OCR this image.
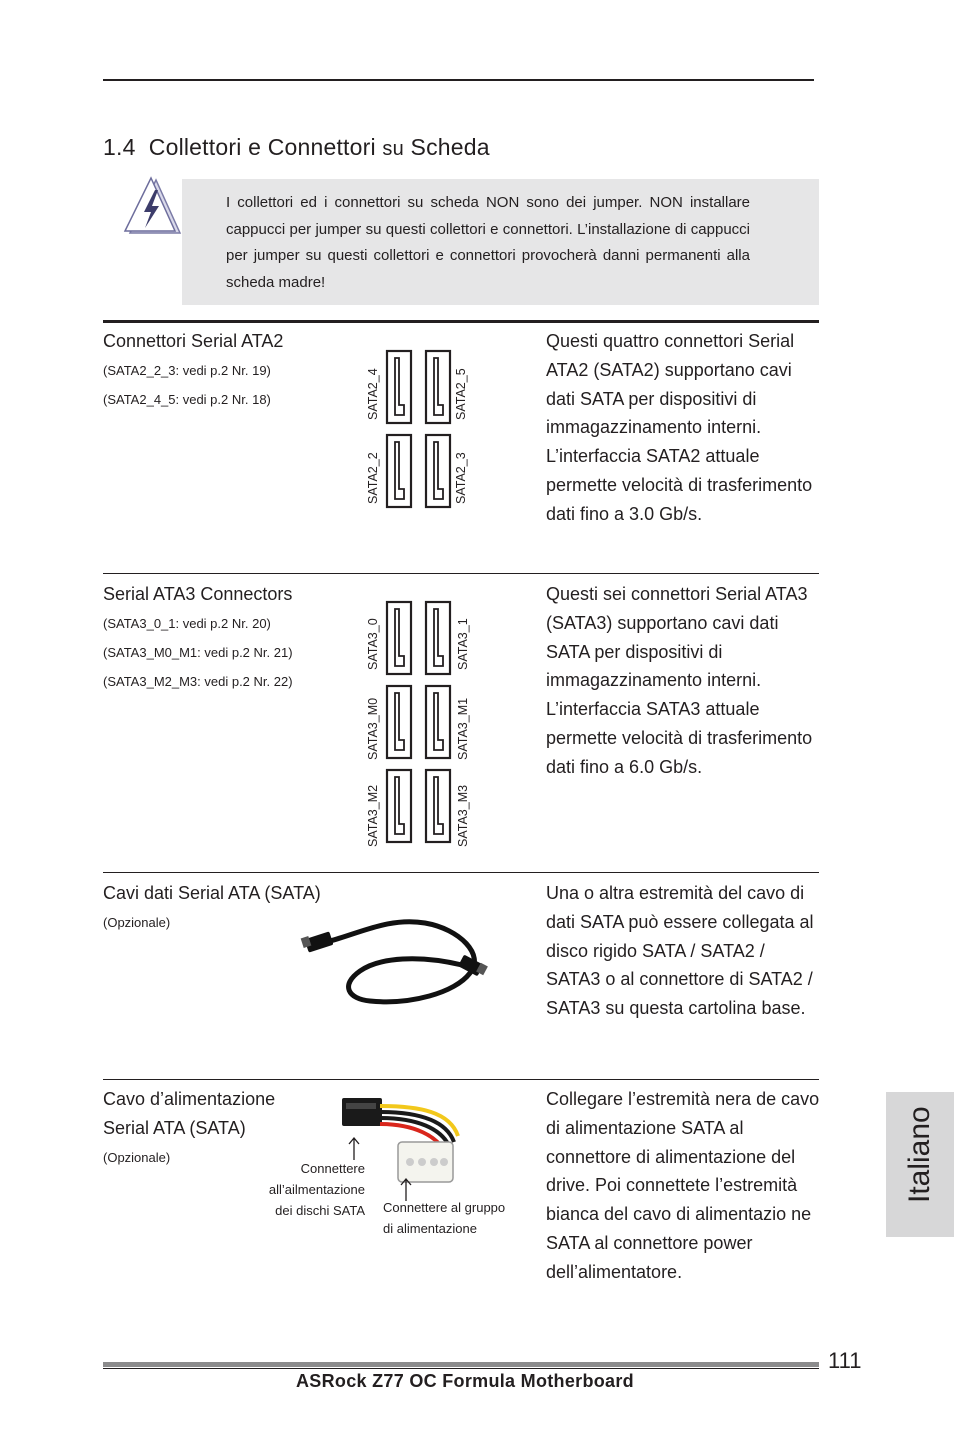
1.4 Collettori e Connettori su Scheda
I collettori ed i connettori su scheda NON sono dei jumper. NON installare cappucci per jumper su questi collettori e connettori. L’installazione di cappucci per jumper su questi collettori e connettori provocherà danni permanenti alla scheda madre!
Connettori Serial ATA2
(SATA2_2_3: vedi p.2 Nr. 19)
(SATA2_4_5: vedi p.2 Nr. 18)	SATA2_4	SATA2_5
SATA2_2	SATA2_3
Questi quattro connettori Serial ATA2 (SATA2) supportano cavi dati SATA per dispositivi di immagazzinamento interni. L’interfaccia SATA2 attuale permette velocità di trasferimento dati fino a 3.0 Gb/s.
Serial ATA3 Connectors
(SATA3_0_1: vedi p.2 Nr. 20)
(SATA3_M0_M1: vedi p.2 Nr. 21)
(SATA3_M2_M3: vedi p.2 Nr. 22)
SATA3_0	SATA3_1
SATA3_M0	SATA3_M1
SATA3_M2	SATA3_M3
Questi sei connettori Serial ATA3 (SATA3) supportano cavi dati SATA per dispositivi di immagazzinamento interni. L’interfaccia SATA3 attuale permette velocità di trasferimento dati fino a 6.0 Gb/s.
Cavi dati Serial ATA (SATA)
(Opzionale)
Una o altra estremità del cavo di dati SATA può essere collegata al disco rigido SATA / SATA2 / SATA3 o al connettore di SATA2 / SATA3 su questa cartolina base.
Cavo d’alimentazione
Serial ATA (SATA)
(Opzionale)
Connettere
all’ailmentazione
dei dischi SATA Connettere al gruppo
di alimentazione
Collegare l’estremità nera de cavo di alimentazione SATA al connettore di alimentazione del drive. Poi connettete l’estremità bianca del cavo di alimentazio ne SATA al connettore power dell’alimentatore.
Italiano
111
ASRock Z77 OC Formula Motherboard
